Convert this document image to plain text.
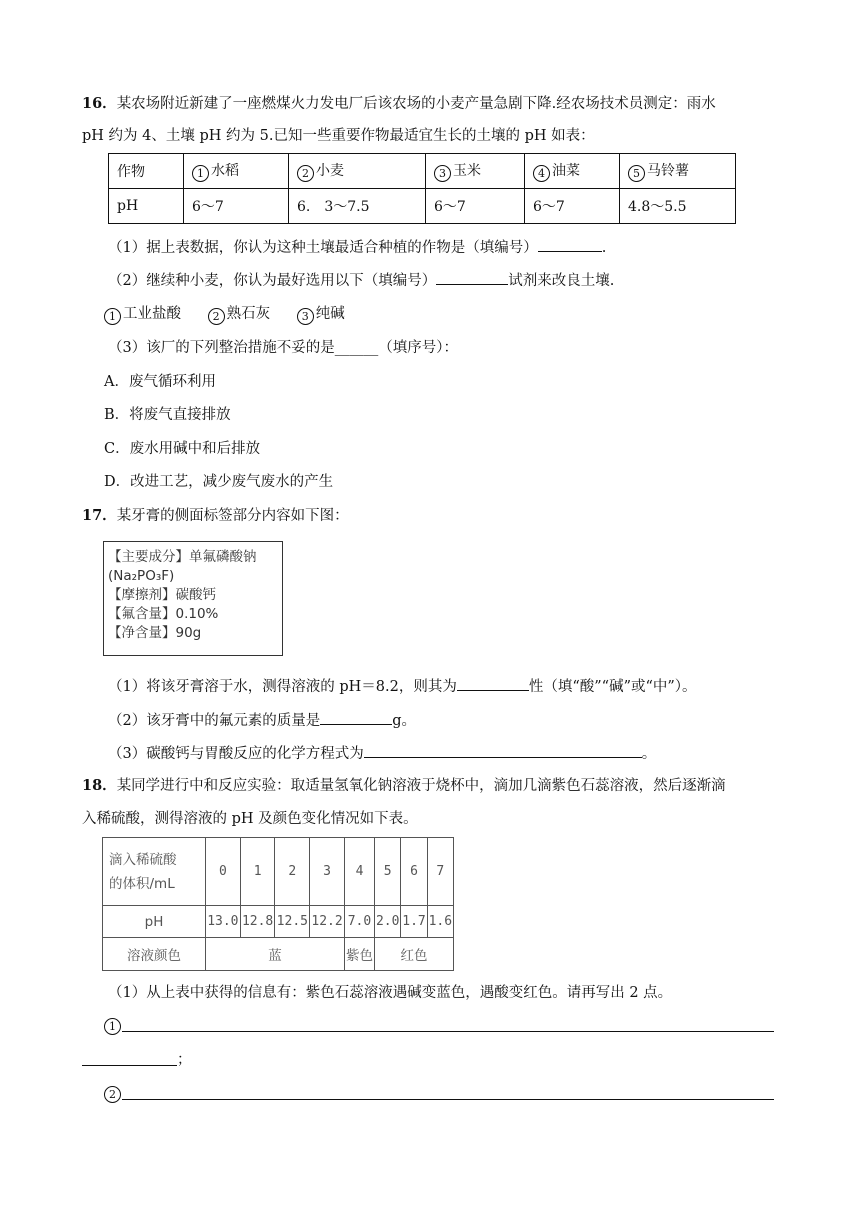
16．某农场附近新建了一座燃煤火力发电厂后该农场的小麦产量急剧下降.经农场技术员测定：雨水
pH 约为 4、土壤 pH 约为 5.已知一些重要作物最适宜生长的土壤的 pH 如表：
作物	1 水稻	2 小麦	3 玉米	4 油菜	5 马铃薯
pH	6～7	6.　3～7.5	6～7	6～7	4.8～5.5
（1）据上表数据，你认为这种土壤最适合种植的作物是（填编号）	.
（2）继续种小麦，你认为最好选用以下（填编号）	试剂来改良土壤.
1 工业盐酸	2 熟石灰	3 纯碱
（3）该厂的下列整治措施不妥的是______（填序号）：
A．废气循环利用
B．将废气直接排放
C．废水用碱中和后排放
D．改进工艺，减少废气废水的产生
17．某牙膏的侧面标签部分内容如下图：
【主要成分】单氟磷酸钠
(Na₂PO₃F)
【摩擦剂】碳酸钙
【氟含量】0.10%
【净含量】90g
（1）将该牙膏溶于水，测得溶液的 pH＝8.2，则其为	性（填“酸”“碱”或“中”）。
（2）该牙膏中的氟元素的质量是	g。
（3）碳酸钙与胃酸反应的化学方程式为	。
18．某同学进行中和反应实验：取适量氢氧化钠溶液于烧杯中，滴加几滴紫色石蕊溶液，然后逐渐滴
入稀硫酸，测得溶液的 pH 及颜色变化情况如下表。
滴入稀硫酸
的体积/mL	0	1	2	3	4	5	6	7
pH	13.0	12.8	12.5	12.2	7.0	2.0	1.7	1.6
溶液颜色	蓝				紫色	红色		
（1）从上表中获得的信息有：紫色石蕊溶液遇碱变蓝色，遇酸变红色。请再写出 2 点。
1
；
2
